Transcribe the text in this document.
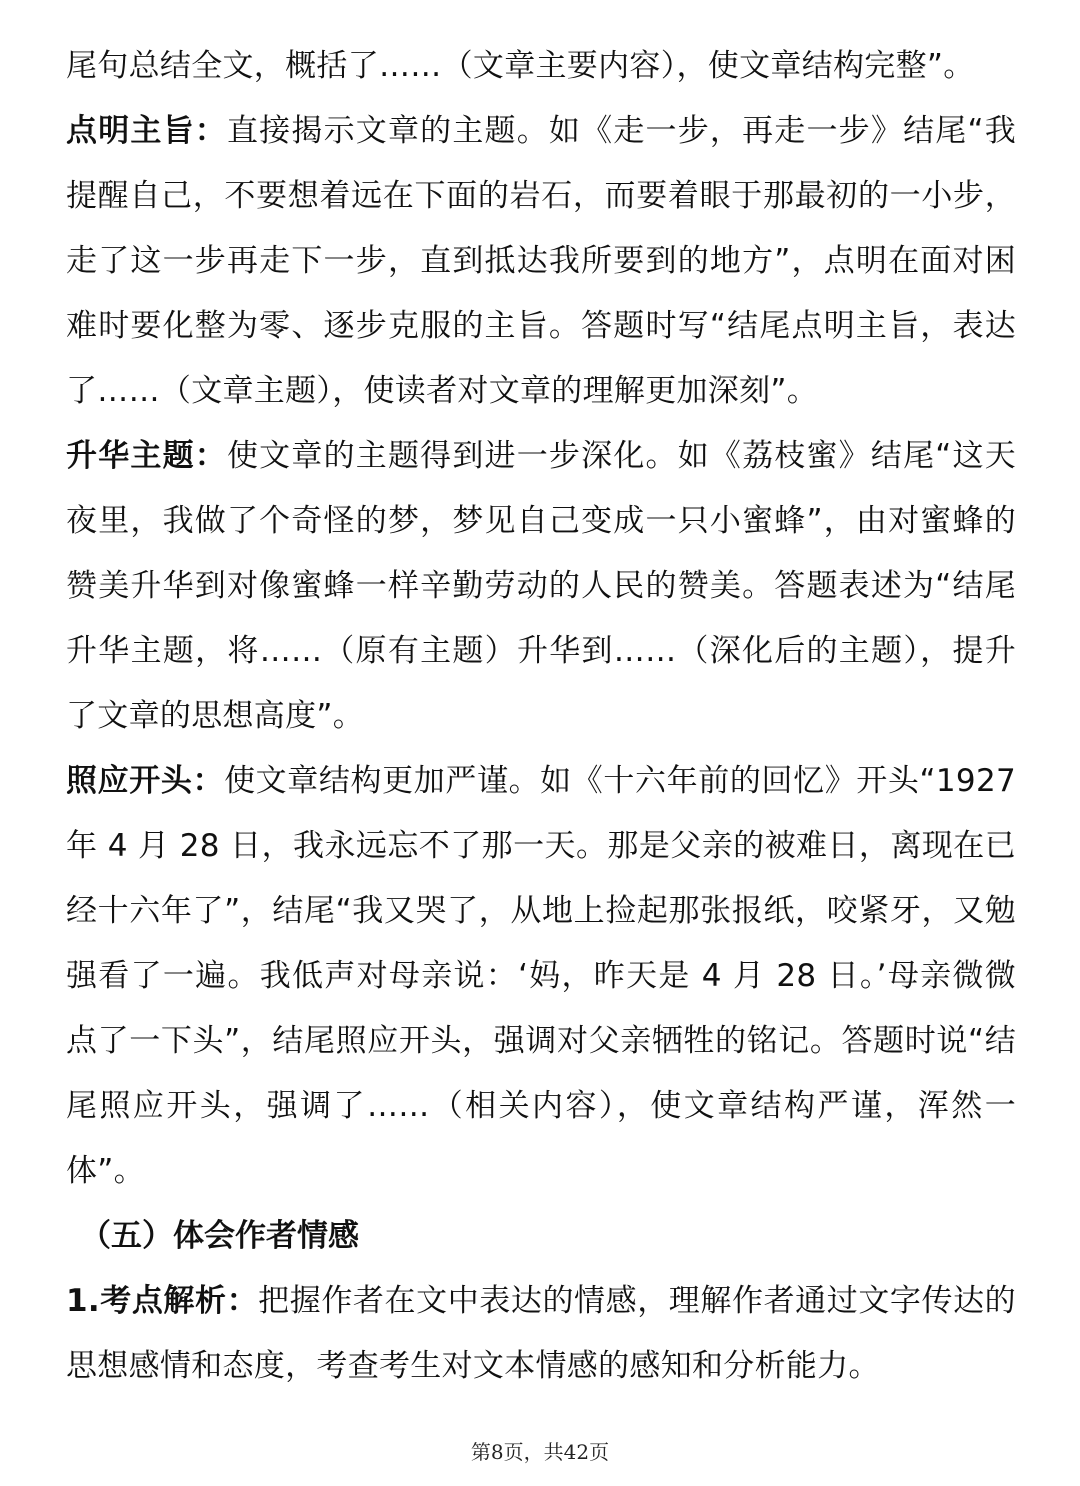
尾句总结全文，概括了……（文章主要内容），使文章结构完整”。

点明主旨：直接揭示文章的主题。如《走一步，再走一步》结尾“我提醒自己，不要想着远在下面的岩石，而要着眼于那最初的一小步，走了这一步再走下一步，直到抵达我所要到的地方”，点明在面对困难时要化整为零、逐步克服的主旨。答题时写“结尾点明主旨，表达了……（文章主题），使读者对文章的理解更加深刻”。

升华主题：使文章的主题得到进一步深化。如《荔枝蜜》结尾“这天夜里，我做了个奇怪的梦，梦见自己变成一只小蜜蜂”，由对蜜蜂的赞美升华到对像蜜蜂一样辛勤劳动的人民的赞美。答题表述为“结尾升华主题，将……（原有主题）升华到……（深化后的主题），提升了文章的思想高度”。

照应开头：使文章结构更加严谨。如《十六年前的回忆》开头“1927 年 4 月 28 日，我永远忘不了那一天。那是父亲的被难日，离现在已经十六年了”，结尾“我又哭了，从地上捡起那张报纸，咬紧牙，又勉强看了一遍。我低声对母亲说：‘妈，昨天是 4 月 28 日。’母亲微微点了一下头”，结尾照应开头，强调对父亲牺牲的铭记。答题时说“结尾照应开头，强调了……（相关内容），使文章结构严谨，浑然一体”。

（五）体会作者情感

1.考点解析：把握作者在文中表达的情感，理解作者通过文字传达的思想感情和态度，考查考生对文本情感的感知和分析能力。

第8页，共42页
